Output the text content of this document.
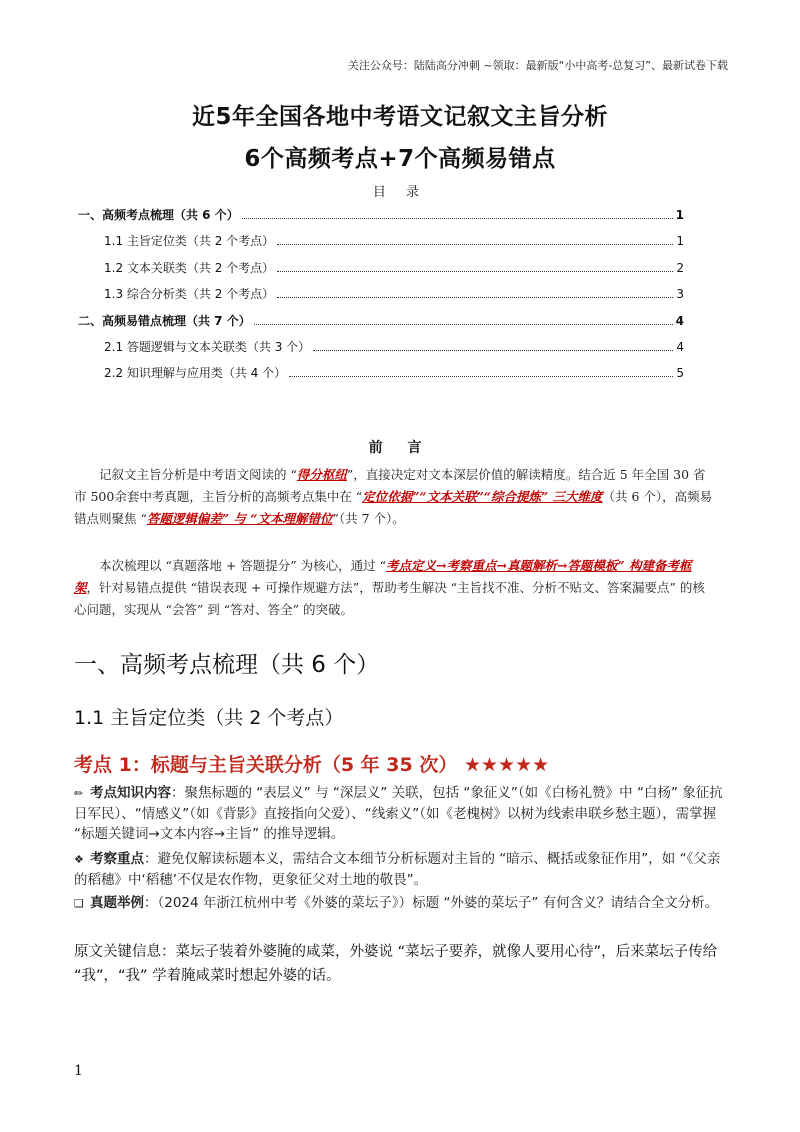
关注公众号：陆陆高分冲刺 ~领取：最新版“小中高考-总复习”、最新试卷下载
近5年全国各地中考语文记叙文主旨分析
6个高频考点+7个高频易错点
目 录
一、高频考点梳理（共 6 个）	1
1.1 主旨定位类（共 2 个考点）	1
1.2 文本关联类（共 2 个考点）	2
1.3 综合分析类（共 2 个考点）	3
二、高频易错点梳理（共 7 个）	4
2.1 答题逻辑与文本关联类（共 3 个）	4
2.2 知识理解与应用类（共 4 个）	5
前 言

记叙文主旨分析是中考语文阅读的 “得分枢纽”，直接决定对文本深层价值的解读精度。结合近 5 年全国 30 省市 500余套中考真题，主旨分析的高频考点集中在 “定位依据”“文本关联”“综合提炼” 三大维度（共 6 个），高频易错点则聚焦 “答题逻辑偏差” 与 “文本理解错位”（共 7 个）。

本次梳理以 “真题落地 + 答题提分” 为核心，通过 “考点定义→考察重点→真题解析→答题模板” 构建备考框架，针对易错点提供 “错误表现 + 可操作规避方法”，帮助考生解决 “主旨找不准、分析不贴文、答案漏要点” 的核心问题，实现从 “会答” 到 “答对、答全” 的突破。

一、高频考点梳理（共 6 个）
1.1 主旨定位类（共 2 个考点）
考点 1：标题与主旨关联分析（5 年 35 次） ★★★★★
✏ 考点知识内容：聚焦标题的 “表层义” 与 “深层义” 关联，包括 “象征义”（如《白杨礼赞》中 “白杨” 象征抗日军民）、“情感义”（如《背影》直接指向父爱）、“线索义”（如《老槐树》以树为线索串联乡愁主题），需掌握 “标题关键词→文本内容→主旨” 的推导逻辑。
❖ 考察重点：避免仅解读标题本义，需结合文本细节分析标题对主旨的 “暗示、概括或象征作用”，如 “《父亲的稻穗》中‘稻穗’不仅是农作物，更象征父对土地的敬畏”。
❑ 真题举例：（2024 年浙江杭州中考《外婆的菜坛子》）标题 “外婆的菜坛子” 有何含义？请结合全文分析。
原文关键信息：菜坛子装着外婆腌的咸菜，外婆说 “菜坛子要养，就像人要用心待”，后来菜坛子传给 “我”，“我” 学着腌咸菜时想起外婆的话。
1
